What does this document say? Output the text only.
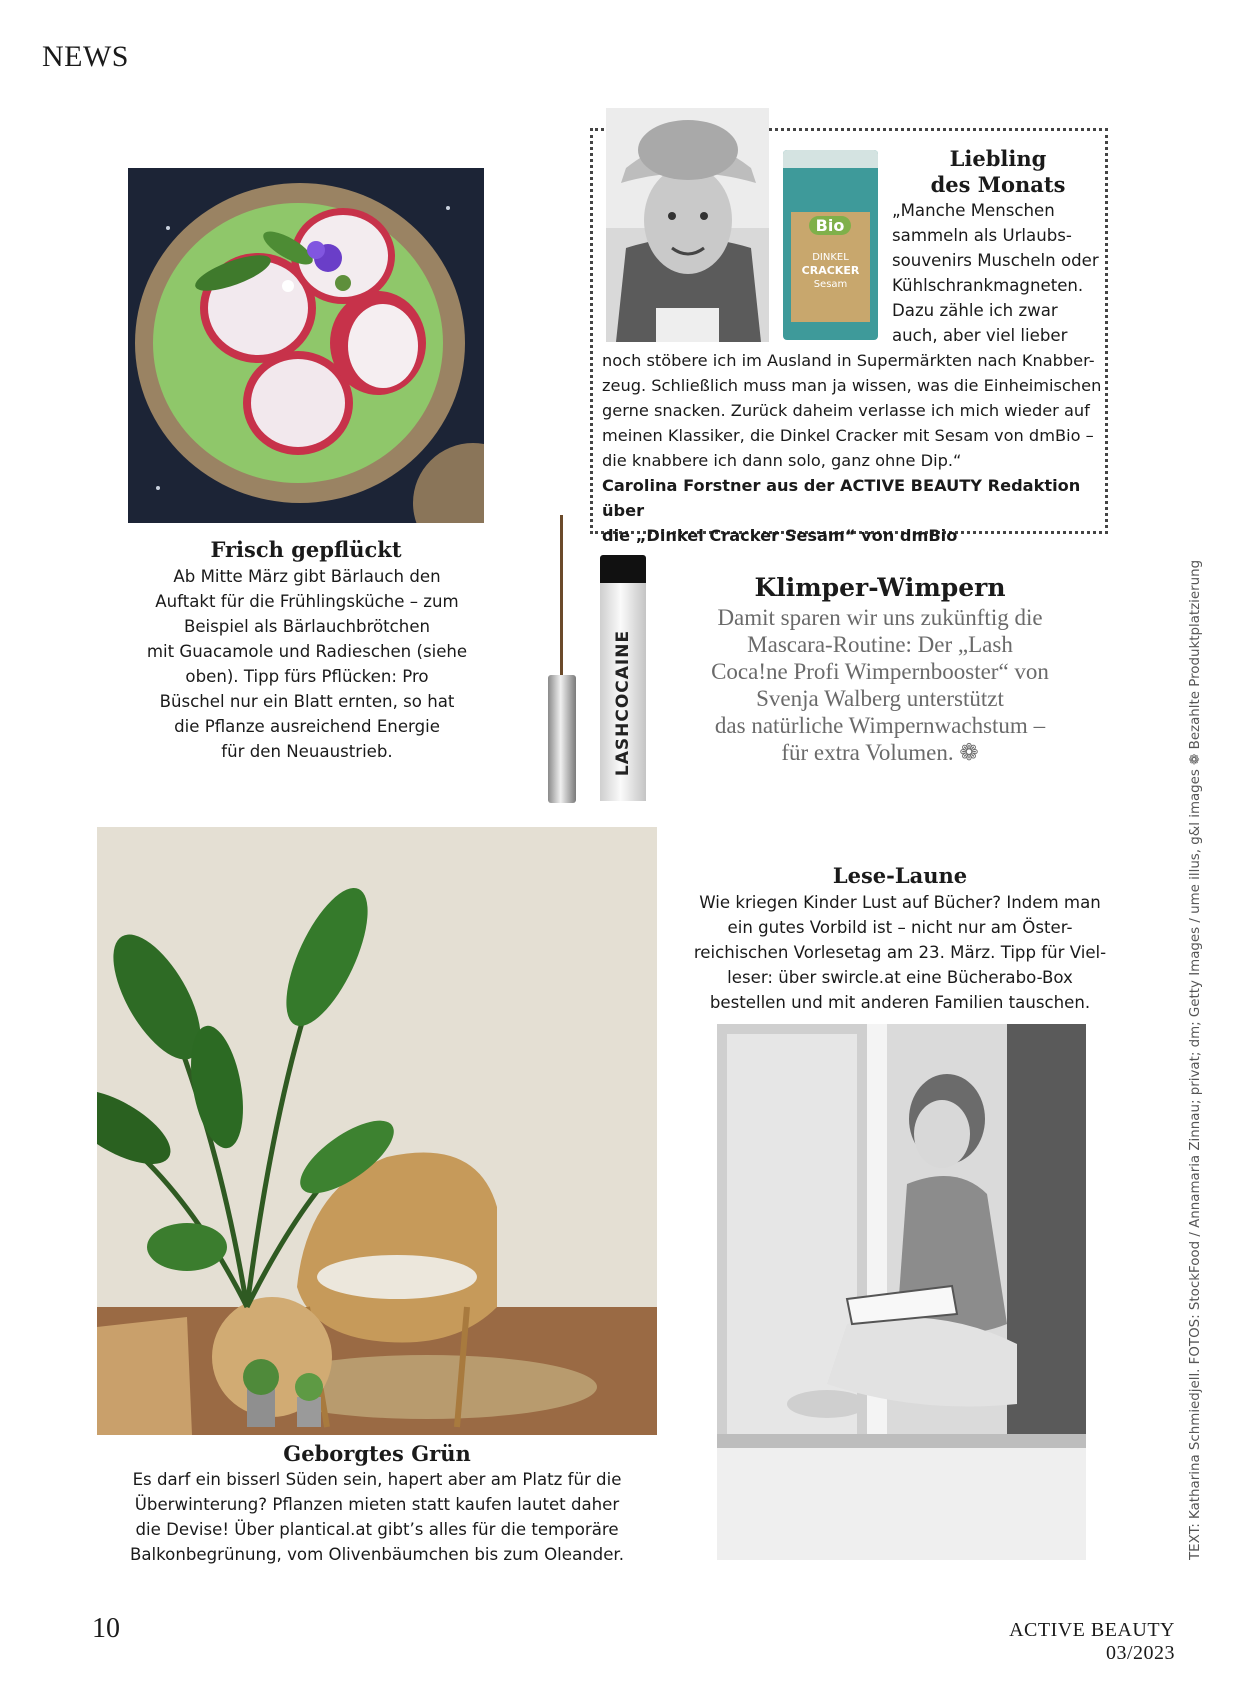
NEWS
Frisch gepflückt

Ab Mitte März gibt Bärlauch den

Auftakt für die Frühlingsküche – zum

Beispiel als Bärlauchbrötchen

mit Guacamole und Radieschen (siehe

oben). Tipp fürs Pflücken: Pro

Büschel nur ein Blatt ernten, so hat

die Pflanze ausreichend Energie

für den Neuaustrieb.

Bio
DINKEL
CRACKER
Sesam
Liebling
des Monats

„Manche Menschen

sammeln als Urlaubs-

souvenirs Muscheln oder

Kühlschrankmagneten.

Dazu zähle ich zwar

auch, aber viel lieber

noch stöbere ich im Ausland in Supermärkten nach Knabber-

zeug. Schließlich muss man ja wissen, was die Einheimischen

gerne snacken. Zurück daheim verlasse ich mich wieder auf

meinen Klassiker, die Dinkel Cracker mit Sesam von dmBio –

die knabbere ich dann solo, ganz ohne Dip.“

Carolina Forstner aus der ACTIVE BEAUTY Redaktion über

die „Dinkel Cracker Sesam“ von dmBio

LASHCOCAINE
Klimper-Wimpern

Damit sparen wir uns zukünftig die

Mascara-Routine: Der „Lash

Coca!ne Profi Wimpernbooster“ von

Svenja Walberg unterstützt

das natürliche Wimpernwachstum –

für extra Volumen. ❁

Geborgtes Grün

Es darf ein bisserl Süden sein, hapert aber am Platz für die

Überwinterung? Pflanzen mieten statt kaufen lautet daher

die Devise! Über plantical.at gibt’s alles für die temporäre

Balkonbegrünung, vom Olivenbäumchen bis zum Oleander.

Lese-Laune

Wie kriegen Kinder Lust auf Bücher? Indem man

ein gutes Vorbild ist – nicht nur am Öster-

reichischen Vorlesetag am 23. März. Tipp für Viel-

leser: über swircle.at eine Bücherabo-Box

bestellen und mit anderen Familien tauschen.	TEXT: Katharina Schmiedjell. FOTOS: StockFood / Annamaria Zinnau; privat; dm; Getty Images / ume illus, g&l images ❁ Bezahlte Produktplatzierung
10	ACTIVE BEAUTY 03/2023
